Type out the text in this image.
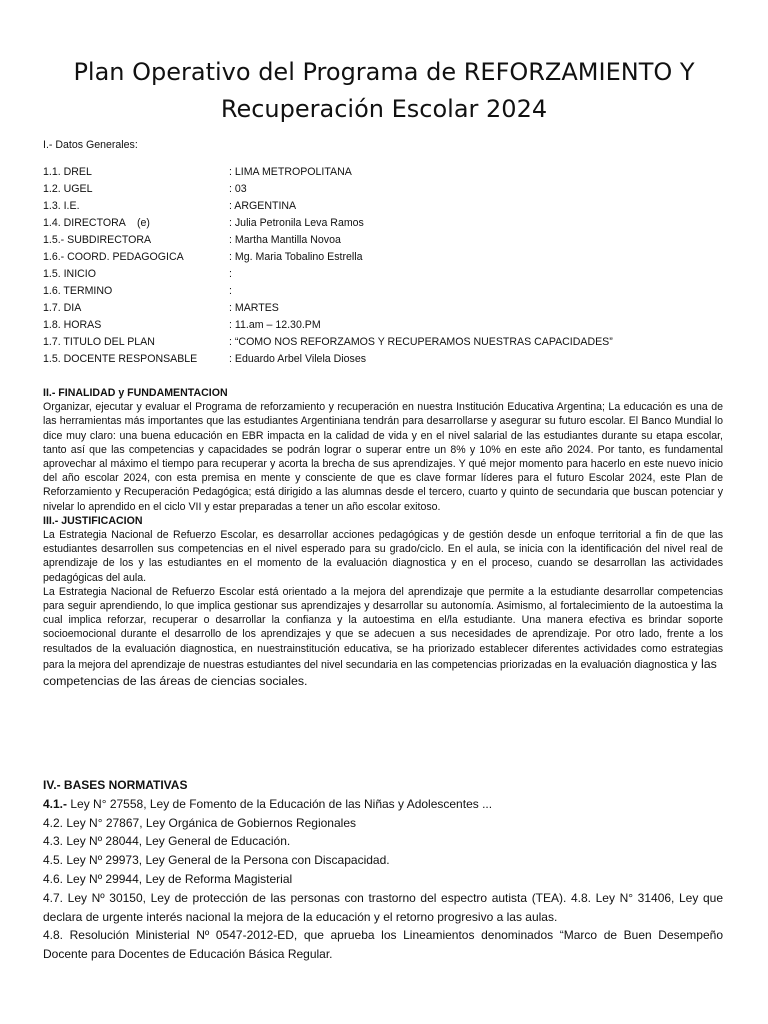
Plan Operativo del Programa de REFORZAMIENTO Y
Recuperación Escolar 2024

I.- Datos Generales:

1.1. DREL	: LIMA METROPOLITANA
1.2. UGEL	: 03
1.3. I.E.	: ARGENTINA
1.4. DIRECTORA    (e)	: Julia Petronila Leva Ramos
1.5.- SUBDIRECTORA	: Martha Mantilla Novoa
1.6.- COORD. PEDAGOGICA	: Mg. Maria Tobalino Estrella
1.5. INICIO	:
1.6. TERMINO	:
1.7. DIA	: MARTES
1.8. HORAS	: 11.am – 12.30.PM
1.7. TITULO DEL PLAN	: “COMO NOS REFORZAMOS Y RECUPERAMOS NUESTRAS CAPACIDADES”
1.5. DOCENTE RESPONSABLE	: Eduardo Arbel Vilela Dioses

II.- FINALIDAD y FUNDAMENTACION

Organizar, ejecutar y evaluar el Programa de reforzamiento y recuperación en nuestra Institución Educativa Argentina; La educación es una de las herramientas más importantes que las estudiantes Argentiniana tendrán para desarrollarse y asegurar su futuro escolar. El Banco Mundial lo dice muy claro: una buena educación en EBR impacta en la calidad de vida y en el nivel salarial de las estudiantes durante su etapa escolar, tanto así que las competencias y capacidades se podrán lograr o superar entre un 8% y 10% en este año 2024. Por tanto, es fundamental aprovechar al máximo el tiempo para recuperar y acorta la brecha de sus aprendizajes. Y qué mejor momento para hacerlo en este nuevo inicio del año escolar 2024, con esta premisa en mente y consciente de que es clave formar líderes para el futuro Escolar 2024, este Plan de Reforzamiento y Recuperación Pedagógica; está dirigido a las alumnas desde el tercero, cuarto y quinto de secundaria que buscan potenciar y nivelar lo aprendido en el ciclo VII y estar preparadas a tener un año escolar exitoso.

III.- JUSTIFICACION

La Estrategia Nacional de Refuerzo Escolar, es desarrollar acciones pedagógicas y de gestión desde un enfoque territorial a fin de que las estudiantes desarrollen sus competencias en el nivel esperado para su grado/ciclo. En el aula, se inicia con la identificación del nivel real de aprendizaje de los y las estudiantes en el momento de la evaluación diagnostica y en el proceso, cuando se desarrollan las actividades pedagógicas del aula.

La Estrategia Nacional de Refuerzo Escolar está orientado a la mejora del aprendizaje que permite a la estudiante desarrollar competencias para seguir aprendiendo, lo que implica gestionar sus aprendizajes y desarrollar su autonomía. Asimismo, al fortalecimiento de la autoestima la cual implica reforzar, recuperar o desarrollar la confianza y la autoestima en el/la estudiante. Una manera efectiva es brindar soporte socioemocional durante el desarrollo de los aprendizajes y que se adecuen a sus necesidades de aprendizaje. Por otro lado, frente a los resultados de la evaluación diagnostica, en nuestrainstitución educativa, se ha priorizado establecer diferentes actividades como estrategias para la mejora del aprendizaje de nuestras estudiantes del nivel secundaria en las competencias priorizadas en la evaluación diagnostica y las

competencias de las áreas de ciencias sociales.

IV.- BASES NORMATIVAS

4.1.- Ley N° 27558, Ley de Fomento de la Educación de las Niñas y Adolescentes ...

4.2. Ley N° 27867, Ley Orgánica de Gobiernos Regionales

4.3. Ley Nº 28044, Ley General de Educación.

4.5. Ley Nº 29973, Ley General de la Persona con Discapacidad.

4.6. Ley Nº 29944, Ley de Reforma Magisterial

4.7. Ley Nº 30150, Ley de protección de las personas con trastorno del espectro autista (TEA). 4.8. Ley N° 31406, Ley que declara de urgente interés nacional la mejora de la educación y el retorno progresivo a las aulas.

4.8. Resolución Ministerial Nº 0547-2012-ED, que aprueba los Lineamientos denominados “Marco de Buen Desempeño Docente para Docentes de Educación Básica Regular.
